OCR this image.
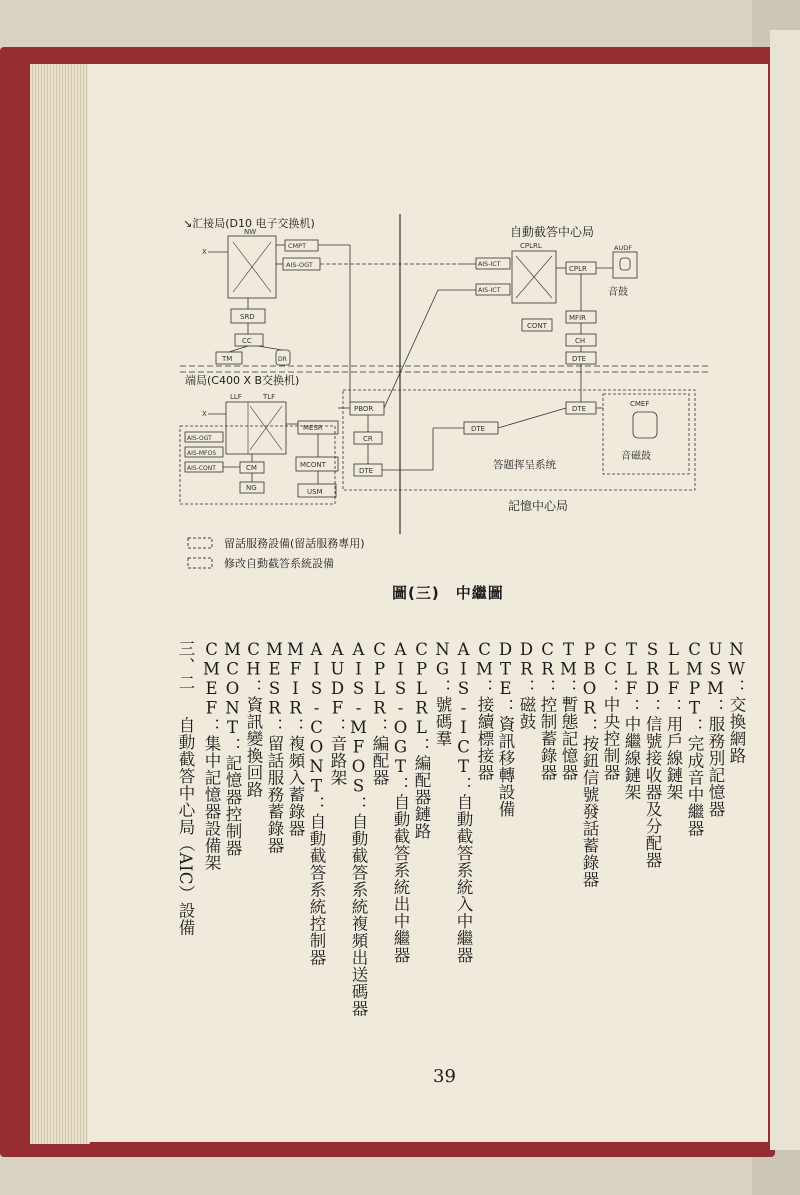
↘汇接局(D10 电子交换机)
自動截答中心局
端局(C400 X B交换机)
答题挥呈系统
記憶中心局
NW
X
CMPT
AIS-OGT
SRD
CC
TM	DR
AIS-ICT
AIS-ICT
CPLRL
CONT
CPLR
AUDF
音鼓
MFIR
CH
DTE
DTE
CMEF
音磁鼓
X
LLF	TLF
AIS-OGT
AIS-MFOS
AIS-CONT	CM
NG
MESR
MCONT
USM
PBOR
CR
DTE
DTE
留話服務設備(留話服務專用)
修改自動截答系統設備
圖(三)　中繼圖
NW：交換網路
USM：服務別記憶器
CMPT：完成音中繼器
LLF：用戶線鏈架
SRD：信號接收器及分配器
TLF：中繼線鏈架
CC：中央控制器
PBOR：按鈕信號發話蓄錄器
TM：暫態記憶器
CR：控制蓄錄器
DR：磁鼓
DTE：資訊移轉設備
CM：接續標接器
AIS-ICT：自動截答系統入中繼器
NG：號碼羣
CPLRL：編配器鏈路
AIS-OGT：自動截答系統出中繼器
CPLR：編配器
AIS-MFOS：自動截答系統複頻出送碼器
AUDF：音路架
AIS-CONT：自動截答系統控制器
MFIR：複頻入蓄錄器
MESR：留話服務蓄錄器
CH：資訊變換回路
MCONT：記憶器控制器
CMEF：集中記憶器設備架
三、二  自動截答中心局（AIC）設備
39
